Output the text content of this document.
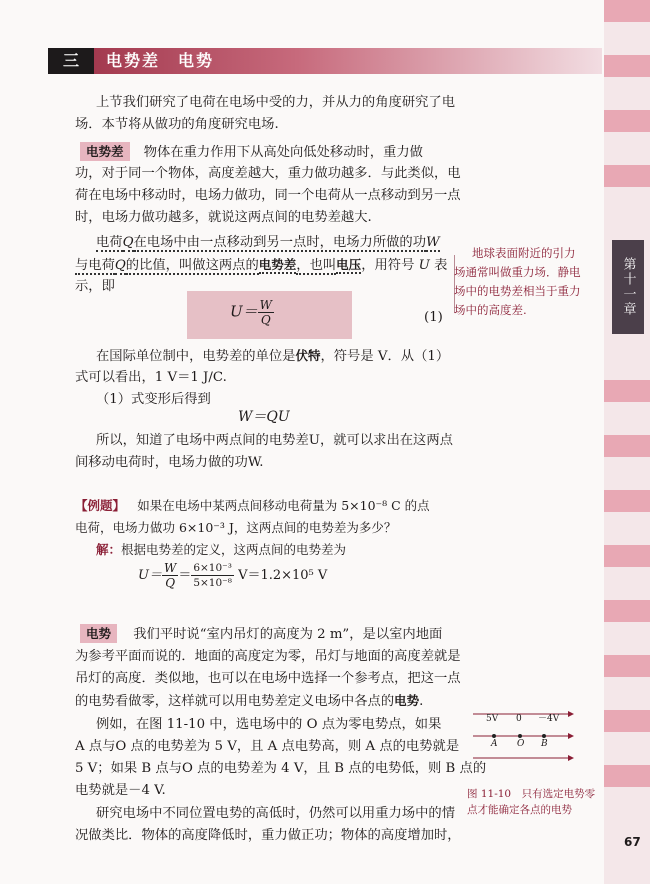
第十一章
三	电势差　电势
上节我们研究了电荷在电场中受的力，并从力的角度研究了电
场．本节将从做功的角度研究电场.
电势差 物体在重力作用下从高处向低处移动时，重力做
功，对于同一个物体，高度差越大，重力做功越多．与此类似，电
荷在电场中移动时，电场力做功，同一个电荷从一点移动到另一点
时，电场力做功越多，就说这两点间的电势差越大.
电荷Q在电场中由一点移动到另一点时，电场力所做的功W
与电荷Q的比值，叫做这两点的电势差，也叫电压，用符号 U 表
示，即
$U= \frac{W}{Q}$	(1)
地球表面附近的引力
场通常叫做重力场．静电
场中的电势差相当于重力
场中的高度差.
在国际单位制中，电势差的单位是伏特，符号是 V．从（1）
式可以看出，1 V＝1 J/C.
（1）式变形后得到
W＝QU
所以，知道了电场中两点间的电势差U，就可以求出在这两点
间移动电荷时，电场力做的功W.
【例题】 如果在电场中某两点间移动电荷量为 5×10⁻⁸ C 的点
电荷，电场力做功 6×10⁻³ J，这两点间的电势差为多少？
解：根据电势差的定义，这两点间的电势差为
$U= \frac{W}{Q} = \frac{\text{6×10⁻³}}{\text{5×10⁻⁸}} V=1.2\times 10^5$ V
电势 我们平时说“室内吊灯的高度为 2 m”，是以室内地面
为参考平面而说的．地面的高度定为零，吊灯与地面的高度差就是
吊灯的高度．类似地，也可以在电场中选择一个参考点，把这一点
的电势看做零，这样就可以用电势差定义电场中各点的电势.
例如，在图 11-10 中，选电场中的 O 点为零电势点，如果
A 点与O 点的电势差为 5 V，且 A 点电势高，则 A 点的电势就是
5 V；如果 B 点与O 点的电势差为 4 V，且 B 点的电势低，则 B 点的
电势就是－4 V.
研究电场中不同位置电势的高低时，仍然可以用重力场中的情
况做类比．物体的高度降低时，重力做正功；物体的高度增加时，
5V 0 －4V
A O B
图 11-10　只有选定电势零
点才能确定各点的电势
67
